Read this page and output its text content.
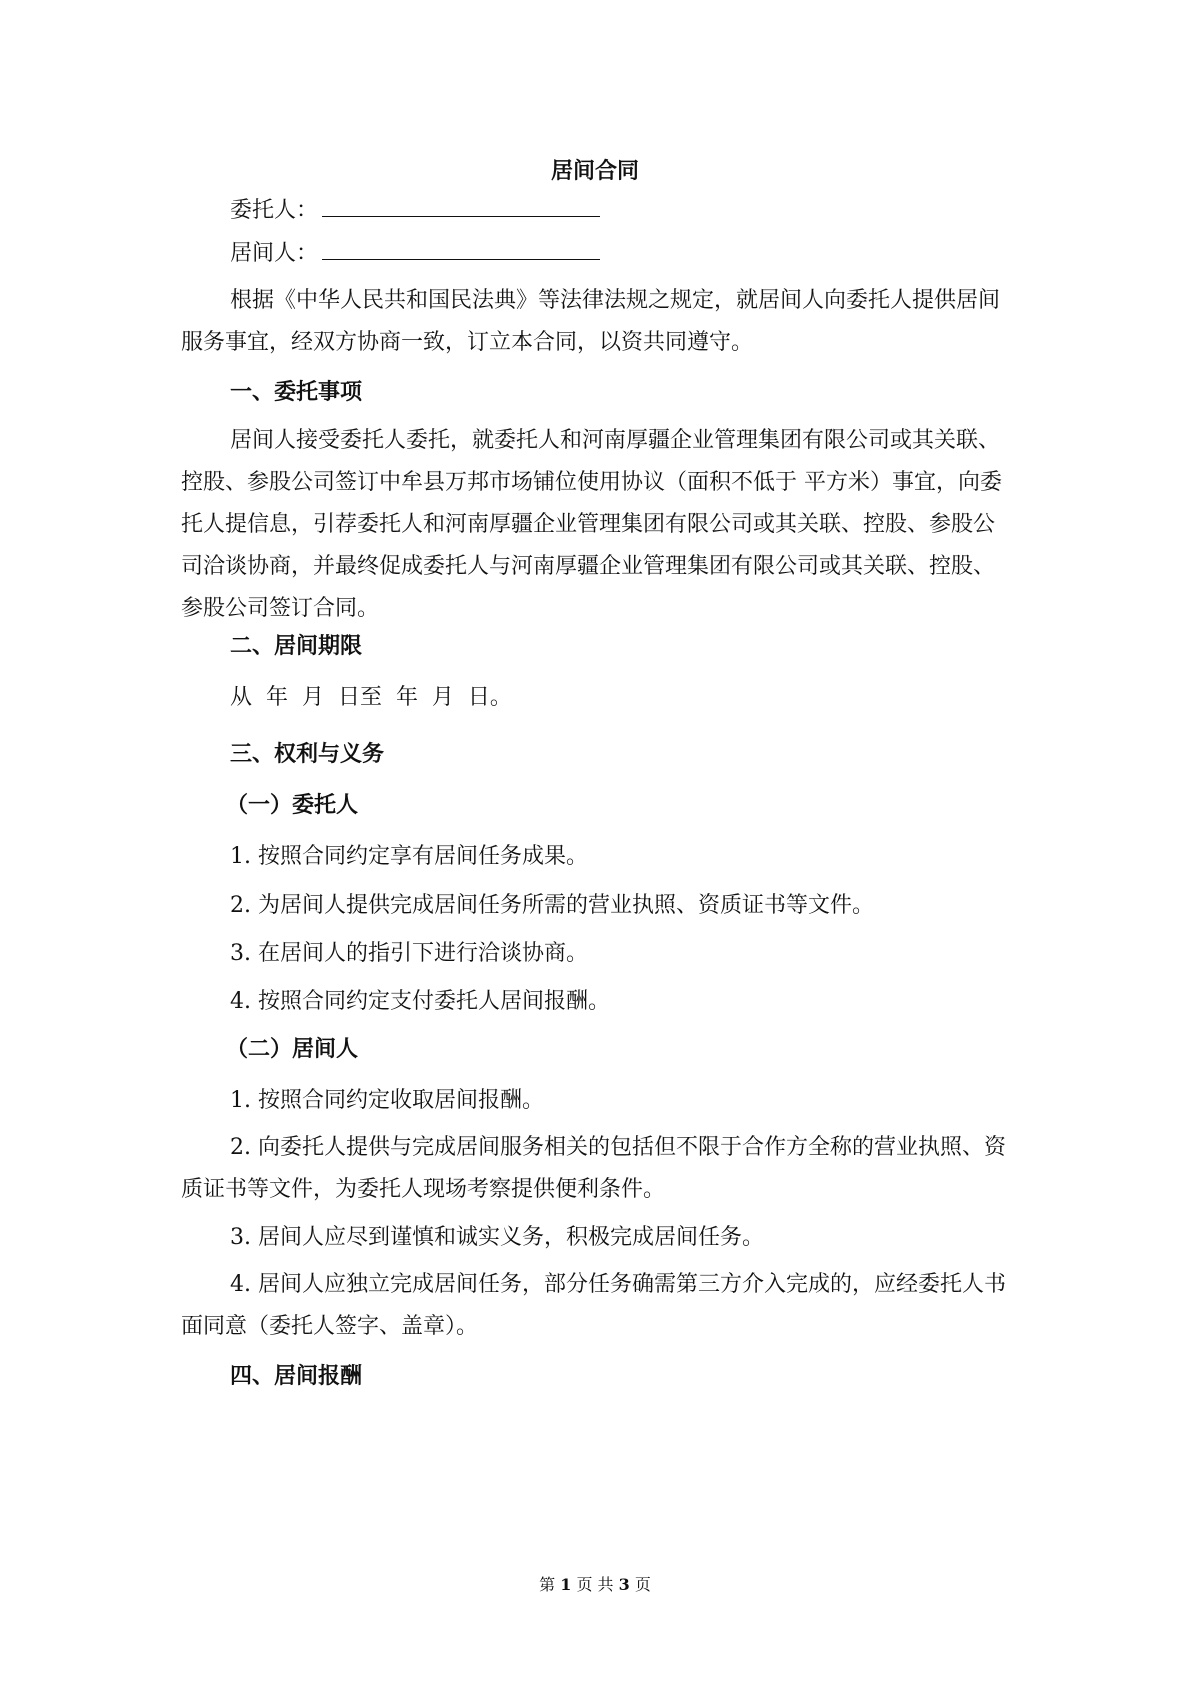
居间合同
委托人：
居间人：
根据《中华人民共和国民法典》等法律法规之规定，就居间人向委托人提供居间服务事宜，经双方协商一致，订立本合同，以资共同遵守。
一、委托事项
居间人接受委托人委托，就委托人和河南厚疆企业管理集团有限公司或其关联、控股、参股公司签订中牟县万邦市场铺位使用协议（面积不低于 平方米）事宜，向委托人提信息，引荐委托人和河南厚疆企业管理集团有限公司或其关联、控股、参股公司洽谈协商，并最终促成委托人与河南厚疆企业管理集团有限公司或其关联、控股、参股公司签订合同。
二、居间期限
从  年  月  日至  年  月  日。
三、权利与义务
（一）委托人
1. 按照合同约定享有居间任务成果。
2. 为居间人提供完成居间任务所需的营业执照、资质证书等文件。
3. 在居间人的指引下进行洽谈协商。
4. 按照合同约定支付委托人居间报酬。
（二）居间人
1. 按照合同约定收取居间报酬。
2. 向委托人提供与完成居间服务相关的包括但不限于合作方全称的营业执照、资质证书等文件，为委托人现场考察提供便利条件。
3. 居间人应尽到谨慎和诚实义务，积极完成居间任务。
4. 居间人应独立完成居间任务，部分任务确需第三方介入完成的，应经委托人书面同意（委托人签字、盖章）。
四、居间报酬
第 1 页 共 3 页
